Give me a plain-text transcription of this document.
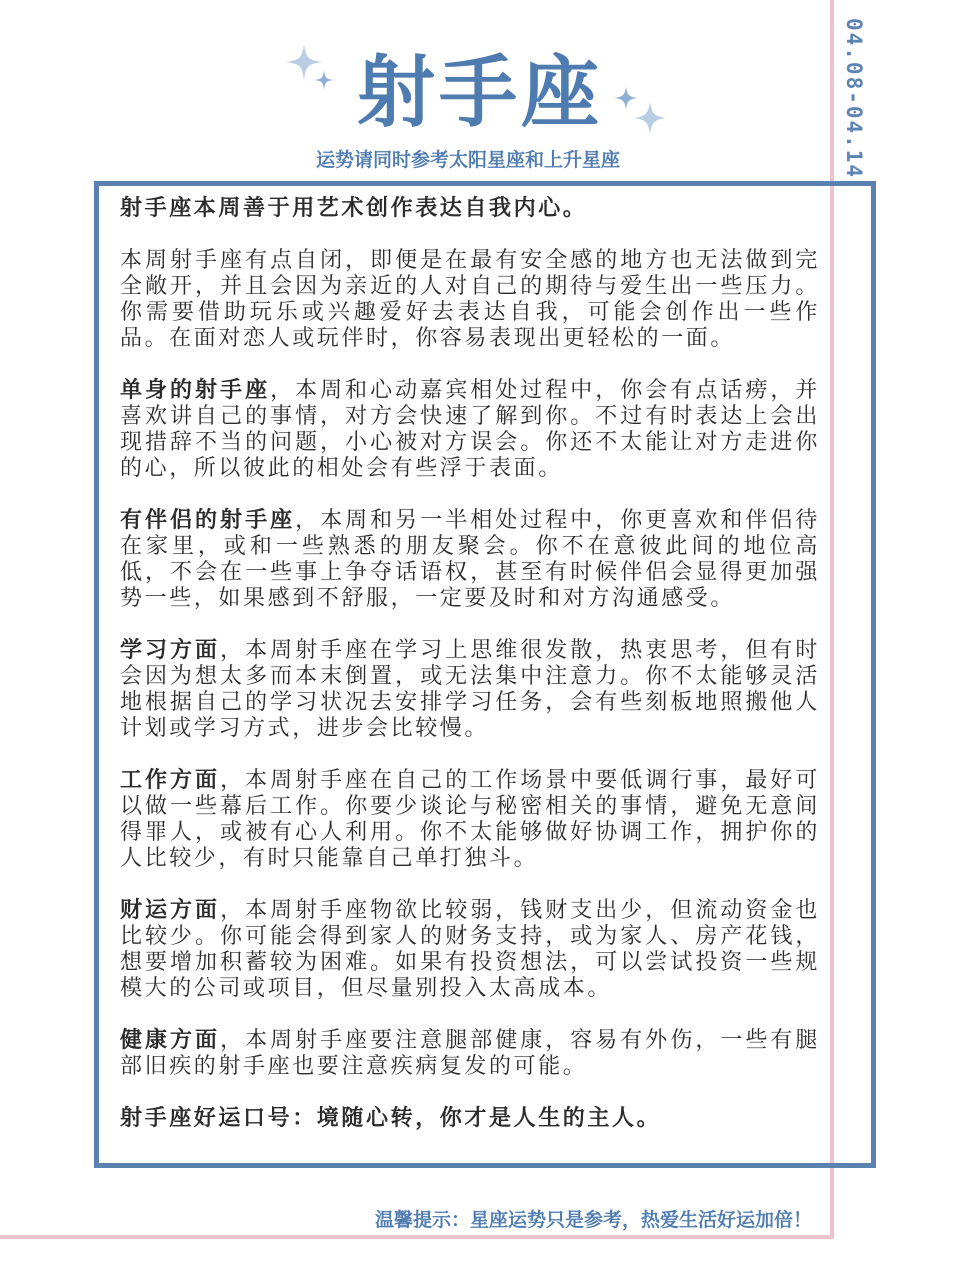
射手座
运势请同时参考太阳星座和上升星座	04.08-04.14

射手座本周善于用艺术创作表达自我内心。

本周射手座有点自闭，即便是在最有安全感的地方也无法做到完全敞开，并且会因为亲近的人对自己的期待与爱生出一些压力。你需要借助玩乐或兴趣爱好去表达自我，可能会创作出一些作品。在面对恋人或玩伴时，你容易表现出更轻松的一面。

单身的射手座，本周和心动嘉宾相处过程中，你会有点话痨，并喜欢讲自己的事情，对方会快速了解到你。不过有时表达上会出现措辞不当的问题，小心被对方误会。你还不太能让对方走进你的心，所以彼此的相处会有些浮于表面。

有伴侣的射手座，本周和另一半相处过程中，你更喜欢和伴侣待在家里，或和一些熟悉的朋友聚会。你不在意彼此间的地位高低，不会在一些事上争夺话语权，甚至有时候伴侣会显得更加强势一些，如果感到不舒服，一定要及时和对方沟通感受。

学习方面，本周射手座在学习上思维很发散，热衷思考，但有时会因为想太多而本末倒置，或无法集中注意力。你不太能够灵活地根据自己的学习状况去安排学习任务，会有些刻板地照搬他人计划或学习方式，进步会比较慢。

工作方面，本周射手座在自己的工作场景中要低调行事，最好可以做一些幕后工作。你要少谈论与秘密相关的事情，避免无意间得罪人，或被有心人利用。你不太能够做好协调工作，拥护你的人比较少，有时只能靠自己单打独斗。

财运方面，本周射手座物欲比较弱，钱财支出少，但流动资金也比较少。你可能会得到家人的财务支持，或为家人、房产花钱，想要增加积蓄较为困难。如果有投资想法，可以尝试投资一些规模大的公司或项目，但尽量别投入太高成本。

健康方面，本周射手座要注意腿部健康，容易有外伤，一些有腿部旧疾的射手座也要注意疾病复发的可能。

射手座好运口号：境随心转，你才是人生的主人。

温馨提示：星座运势只是参考，热爱生活好运加倍！
